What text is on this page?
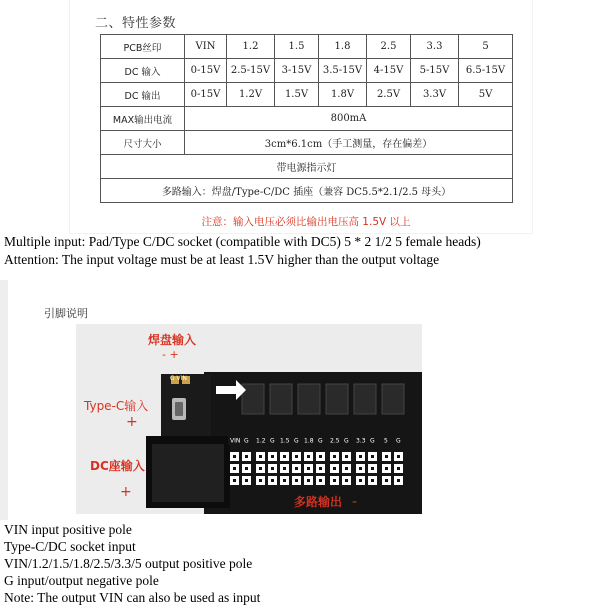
二、特性参数
PCB丝印	VIN	1.2	1.5	1.8	2.5	3.3	5
DC 输入	0-15V	2.5-15V	3-15V	3.5-15V	4-15V	5-15V	6.5-15V
DC 输出	0-15V	1.2V	1.5V	1.8V	2.5V	3.3V	5V
MAX输出电流	800mA						
尺寸大小	3cm*6.1cm（手工测量，存在偏差）						
带电源指示灯							
多路输入：焊盘/Type-C/DC 插座（兼容 DC5.5*2.1/2.5 母头）							
注意：输入电压必须比输出电压高 1.5V 以上
Multiple input: Pad/Type C/DC socket (compatible with DC5) 5 * 2 1/2 5 female heads)
Attention: The input voltage must be at least 1.5V higher than the output voltage
引脚说明
VIN G 1.2 G 1.5 G 1.8 G 2.5 G 3.3 G 5 G
焊盘输入
- +
Type-C输入
+
DC座输入
+
多路输出 -
G VIN
VIN input positive pole
Type-C/DC socket input
VIN/1.2/1.5/1.8/2.5/3.3/5 output positive pole
G input/output negative pole
Note: The output VIN can also be used as input
